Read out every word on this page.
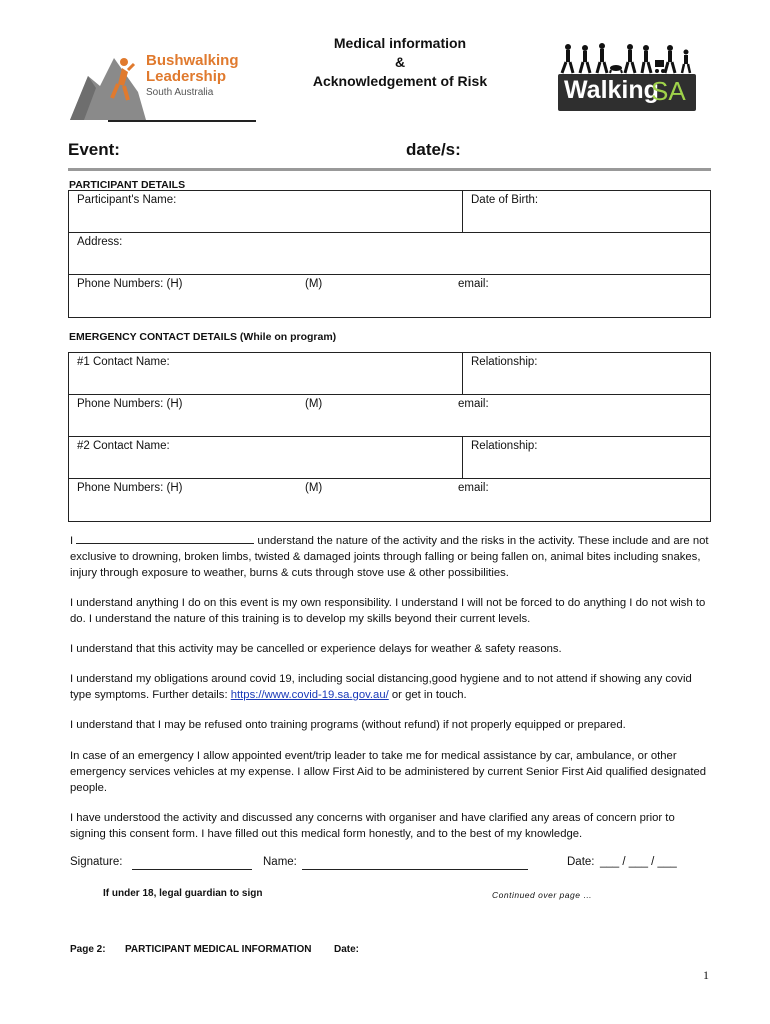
Bushwalking
Leadership
South Australia
Medical information
&
Acknowledgement of Risk	Walking
SA
Event:	date/s:
PARTICIPANT DETAILS
Participant's Name:	Date of Birth:
Address:
Phone Numbers: (H)	(M)	email:
EMERGENCY CONTACT DETAILS (While on program)
#1 Contact Name:	Relationship:
Phone Numbers: (H)	(M)	email:
#2 Contact Name:	Relationship:
Phone Numbers: (H)	(M)	email:
I	understand the nature of the activity and the risks in the activity. These include and are not exclusive to drowning, broken limbs, twisted & damaged joints through falling or being fallen on, animal bites including snakes, injury through exposure to weather, burns & cuts through stove use & other possibilities.
I understand anything I do on this event is my own responsibility. I understand I will not be forced to do anything I do not wish to do. I understand the nature of this training is to develop my skills beyond their current levels.
I understand that this activity may be cancelled or experience delays for weather & safety reasons.
I understand my obligations around covid 19, including social distancing,good hygiene and to not attend if showing any covid type symptoms. Further details: https://www.covid-19.sa.gov.au/ or get in touch.
I understand that I may be refused onto training programs (without refund) if not properly equipped or prepared.
In case of an emergency I allow appointed event/trip leader to take me for medical assistance by car, ambulance, or other emergency services vehicles at my expense. I allow First Aid to be administered by current Senior First Aid qualified designated people.
I have understood the activity and discussed any concerns with organiser and have clarified any areas of concern prior to signing this consent form. I have filled out this medical form honestly, and to the best of my knowledge.
Signature:	Name:	Date: ___ / ___ / ___
If under 18, legal guardian to sign	Continued over page …
Page 2: PARTICIPANT MEDICAL INFORMATION Date:
1
